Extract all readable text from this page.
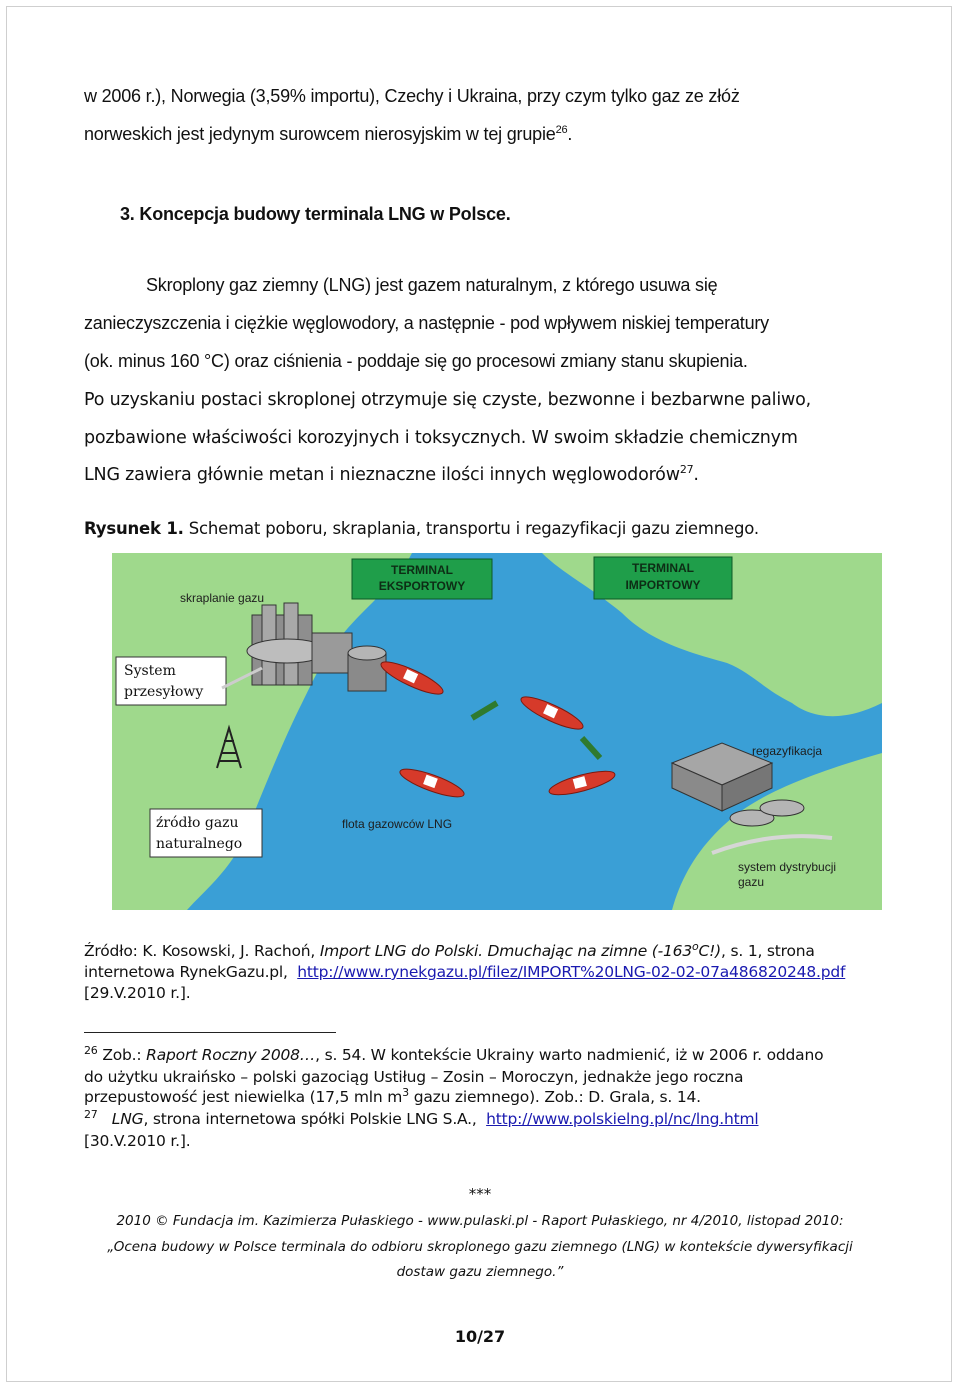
w 2006 r.), Norwegia (3,59% importu), Czechy i Ukraina, przy czym tylko gaz ze złóż
norweskich jest jedynym surowcem nierosyjskim w tej grupie$^{26}$.
3. Koncepcja budowy terminala LNG w Polsce.
Skroplony gaz ziemny (LNG) jest gazem naturalnym, z którego usuwa się
zanieczyszczenia i ciężkie węglowodory, a następnie - pod wpływem niskiej temperatury
(ok. minus 160 °C) oraz ciśnienia - poddaje się go procesowi zmiany stanu skupienia.
Po uzyskaniu postaci skroplonej otrzymuje się czyste, bezwonne i bezbarwne paliwo,
pozbawione właściwości korozyjnych i toksycznych. W swoim składzie chemicznym
LNG zawiera głównie metan i nieznaczne ilości innych węglowodorów$^{27}$.
Rysunek 1. Schemat poboru, skraplania, transportu i regazyfikacji gazu ziemnego.
TERMINAL
EKSPORTOWY
TERMINAL
IMPORTOWY
skraplanie gazu
System
przesyłowy
źródło gazu
naturalnego
regazyfikacja
flota gazowców LNG
system dystrybucji
gazu
Źródło: K. Kosowski, J. Rachoń, Import LNG do Polski. Dmuchając na zimne (-163$^o$C!), s. 1, strona
internetowa RynekGazu.pl, http://www.rynekgazu.pl/filez/IMPORT%20LNG-02-02-07a486820248.pdf
[29.V.2010 r.].
$^{26}$ Zob.: Raport Roczny 2008…, s. 54. W kontekście Ukrainy warto nadmienić, iż w 2006 r. oddano
do użytku ukraińsko – polski gazociąg Ustiług – Zosin – Moroczyn, jednakże jego roczna
przepustowość jest niewielka (17,5 mln $m^3$ gazu ziemnego). Zob.: D. Grala, s. 14.
$^{27}$ LNG, strona internetowa spółki Polskie LNG S.A., http://www.polskielng.pl/nc/lng.html
[30.V.2010 r.].
***
2010 © Fundacja im. Kazimierza Pułaskiego - www.pulaski.pl - Raport Pułaskiego, nr 4/2010, listopad 2010:
„Ocena budowy w Polsce terminala do odbioru skroplonego gazu ziemnego (LNG) w kontekście dywersyfikacji
dostaw gazu ziemnego.”
10/27
